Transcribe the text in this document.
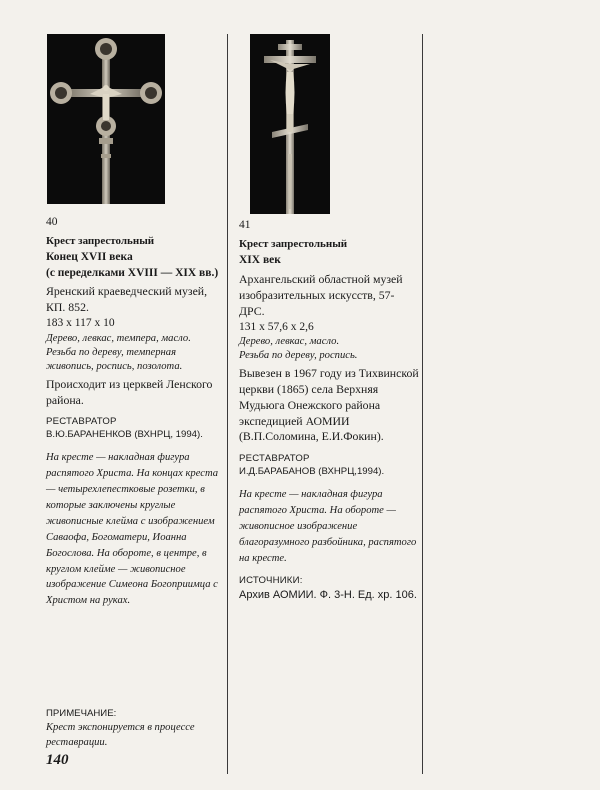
40

Крест запрестольный

Конец XVII века

(с переделками XVIII — XIX вв.)

Яренский краеведческий музей, КП. 852.

183 х 117 х 10

Дерево, левкас, темпера, масло.

Резьба по дереву, темперная живопись, роспись, позолота.

Происходит из церквей Ленского района.

РЕСТАВРАТОР

В.Ю.БАРАНЕНКОВ (ВХНРЦ, 1994).

На кресте — накладная фигура распятого Христа. На концах креста — четырехлепестковые розетки, в которые заключены круглые живописные клейма с изображением Саваофа, Богоматери, Иоанна Богослова. На обороте, в центре, в круглом клейме — живописное изображение Симеона Богоприимца с Христом на руках.

41

Крест запрестольный

XIX век

Архангельский областной музей изобразительных искусств, 57-ДРС.

131 х 57,6 х 2,6

Дерево, левкас, масло.

Резьба по дереву, роспись.

Вывезен в 1967 году из Тихвинской церкви (1865) села Верхняя Мудьюга Онежского района экспедицией АОМИИ (В.П.Соломина, Е.И.Фокин).

РЕСТАВРАТОР

И.Д.БАРАБАНОВ (ВХНРЦ,1994).

На кресте — накладная фигура распятого Христа. На обороте —живописное изображение благоразумного разбойника, распятого на кресте.

ИСТОЧНИКИ:

Архив АОМИИ. Ф. 3-Н. Ед. хр. 106.

ПРИМЕЧАНИЕ:

Крест экспонируется в процессе реставрации.

140
